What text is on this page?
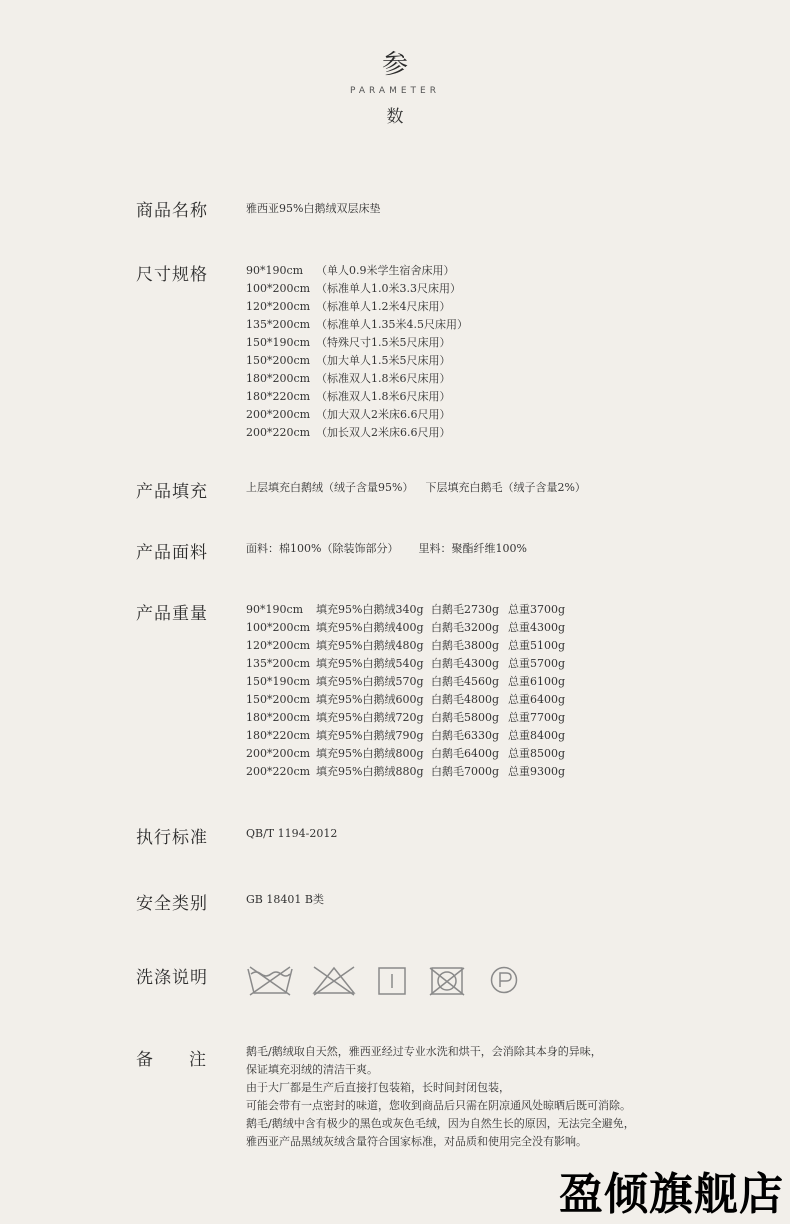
参
PARAMETER
数
商品名称	雅西亚95%白鹅绒双层床垫
尺寸规格	90*190cm （单人0.9米学生宿舍床用）
100*200cm （标准单人1.0米3.3尺床用）
120*200cm （标准单人1.2米4尺床用）
135*200cm （标准单人1.35米4.5尺床用）
150*190cm （特殊尺寸1.5米5尺床用）
150*200cm （加大单人1.5米5尺床用）
180*200cm （标准双人1.8米6尺床用）
180*220cm （标准双人1.8米6尺床用）
200*200cm （加大双人2米床6.6尺用）
200*220cm （加长双人2米床6.6尺用）
产品填充	上层填充白鹅绒（绒子含量95%） 下层填充白鹅毛（绒子含量2%）
产品面料	面料：棉100%（除装饰部分） 里料：聚酯纤维100%
产品重量	90*190cm 填充95%白鹅绒340g 白鹅毛2730g 总重3700g
100*200cm 填充95%白鹅绒400g 白鹅毛3200g 总重4300g
120*200cm 填充95%白鹅绒480g 白鹅毛3800g 总重5100g
135*200cm 填充95%白鹅绒540g 白鹅毛4300g 总重5700g
150*190cm 填充95%白鹅绒570g 白鹅毛4560g 总重6100g
150*200cm 填充95%白鹅绒600g 白鹅毛4800g 总重6400g
180*200cm 填充95%白鹅绒720g 白鹅毛5800g 总重7700g
180*220cm 填充95%白鹅绒790g 白鹅毛6330g 总重8400g
200*200cm 填充95%白鹅绒800g 白鹅毛6400g 总重8500g
200*220cm 填充95%白鹅绒880g 白鹅毛7000g 总重9300g
执行标准	QB/T 1194-2012
安全类别	GB 18401 B类
洗涤说明
备 注	鹅毛/鹅绒取自天然，雅西亚经过专业水洗和烘干，会消除其本身的异味，
保证填充羽绒的清洁干爽。
由于大厂都是生产后直接打包装箱，长时间封闭包装，
可能会带有一点密封的味道，您收到商品后只需在阴凉通风处晾晒后既可消除。
鹅毛/鹅绒中含有极少的黑色或灰色毛绒，因为自然生长的原因，无法完全避免，
雅西亚产品黑绒灰绒含量符合国家标准，对品质和使用完全没有影响。
盈倾旗舰店
